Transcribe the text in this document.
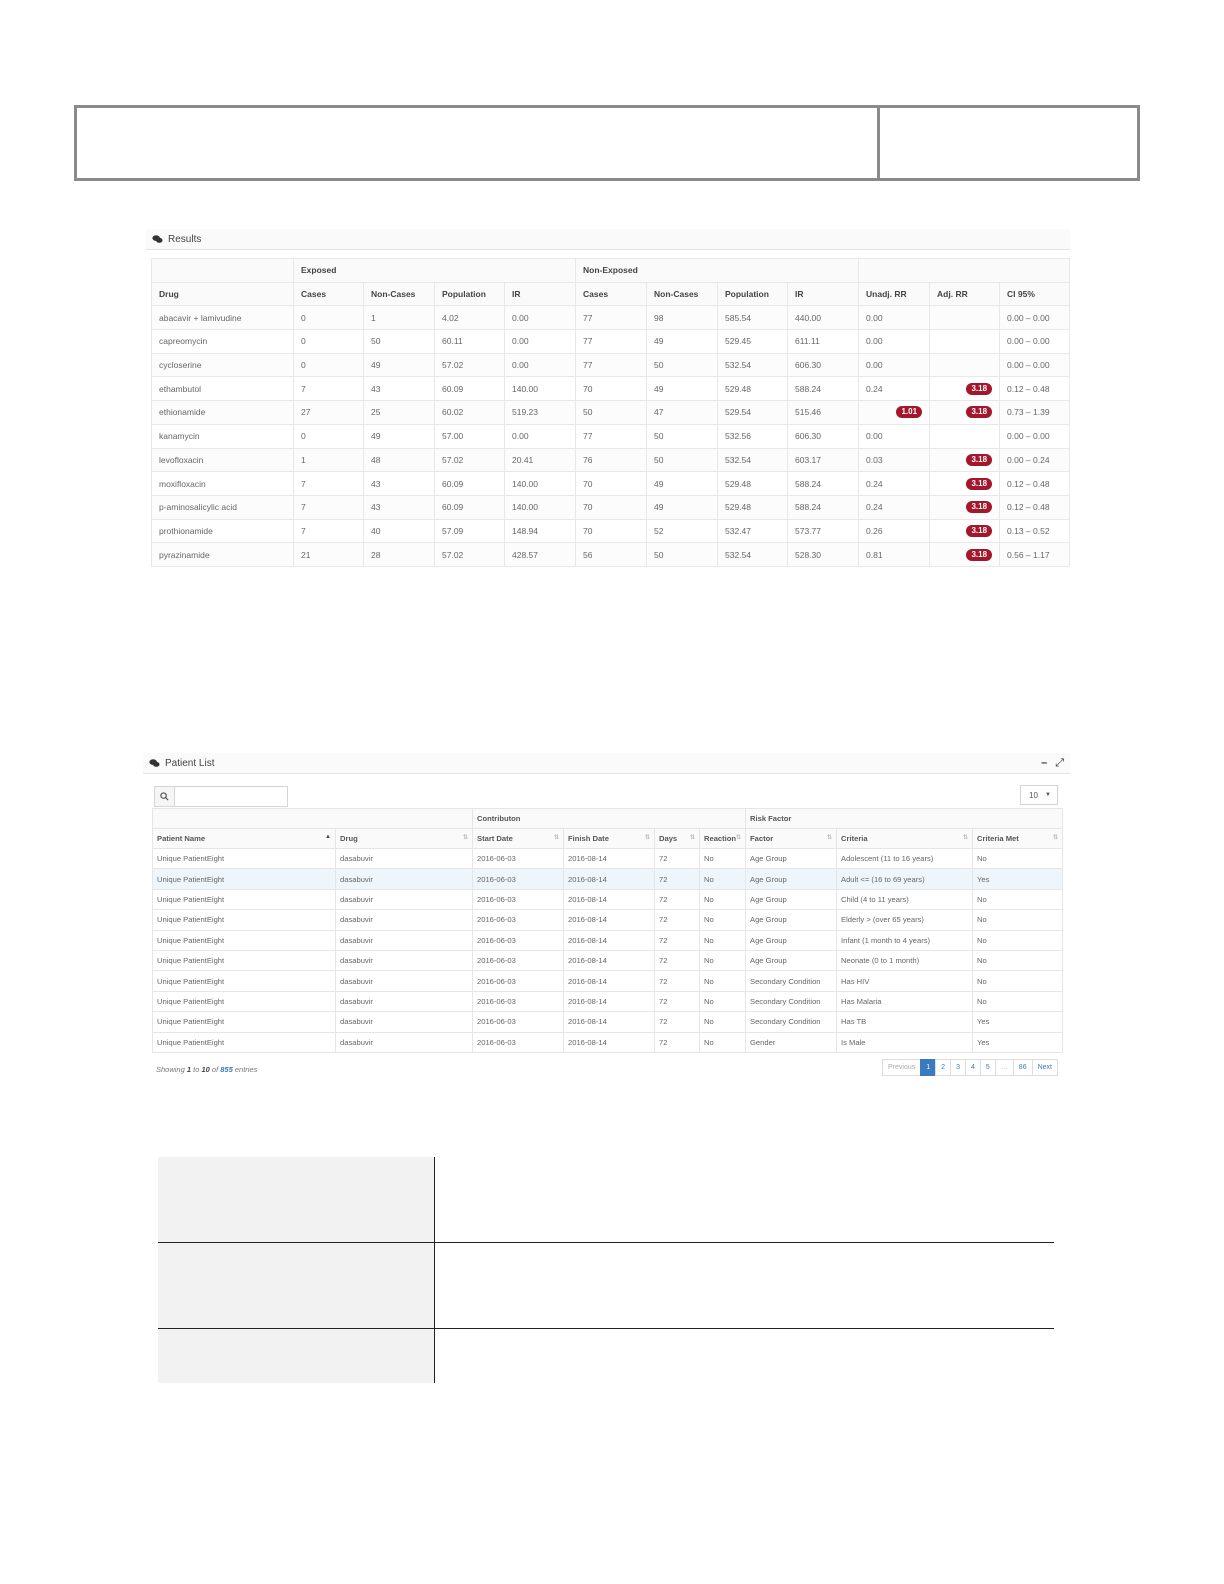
Results
	Exposed				Non-Exposed						
Drug	Cases	Non-Cases	Population	IR	Cases	Non-Cases	Population	IR	Unadj. RR	Adj. RR	CI 95%
abacavir + lamivudine	0	1	4.02	0.00	77	98	585.54	440.00	0.00		0.00 – 0.00
capreomycin	0	50	60.11	0.00	77	49	529.45	611.11	0.00		0.00 – 0.00
cycloserine	0	49	57.02	0.00	77	50	532.54	606.30	0.00		0.00 – 0.00
ethambutol	7	43	60.09	140.00	70	49	529.48	588.24	0.24	3.18	0.12 – 0.48
ethionamide	27	25	60.02	519.23	50	47	529.54	515.46	1.01	3.18	0.73 – 1.39
kanamycin	0	49	57.00	0.00	77	50	532.56	606.30	0.00		0.00 – 0.00
levofloxacin	1	48	57.02	20.41	76	50	532.54	603.17	0.03	3.18	0.00 – 0.24
moxifloxacin	7	43	60.09	140.00	70	49	529.48	588.24	0.24	3.18	0.12 – 0.48
p-aminosalicylic acid	7	43	60.09	140.00	70	49	529.48	588.24	0.24	3.18	0.12 – 0.48
prothionamide	7	40	57.09	148.94	70	52	532.47	573.77	0.26	3.18	0.13 – 0.52
pyrazinamide	21	28	57.02	428.57	56	50	532.54	528.30	0.81	3.18	0.56 – 1.17
Patient List	– ⤢
10 ▼
		Contributon				Risk Factor		
Patient Name ▲	Drug ⇅	Start Date ⇅	Finish Date ⇅	Days ⇅	Reaction ⇅	Factor ⇅	Criteria ⇅	Criteria Met ⇅

Unique PatientEight	dasabuvir	2016-06-03	2016-08-14	72	No	Age Group	Adolescent (11 to 16 years)	No
Unique PatientEight	dasabuvir	2016-06-03	2016-08-14	72	No	Age Group	Adult <= (16 to 69 years)	Yes
Unique PatientEight	dasabuvir	2016-06-03	2016-08-14	72	No	Age Group	Child (4 to 11 years)	No
Unique PatientEight	dasabuvir	2016-06-03	2016-08-14	72	No	Age Group	Elderly > (over 65 years)	No
Unique PatientEight	dasabuvir	2016-06-03	2016-08-14	72	No	Age Group	Infant (1 month to 4 years)	No
Unique PatientEight	dasabuvir	2016-06-03	2016-08-14	72	No	Age Group	Neonate (0 to 1 month)	No
Unique PatientEight	dasabuvir	2016-06-03	2016-08-14	72	No	Secondary Condition	Has HIV	No
Unique PatientEight	dasabuvir	2016-06-03	2016-08-14	72	No	Secondary Condition	Has Malaria	No
Unique PatientEight	dasabuvir	2016-06-03	2016-08-14	72	No	Secondary Condition	Has TB	Yes
Unique PatientEight	dasabuvir	2016-06-03	2016-08-14	72	No	Gender	Is Male	Yes
Showing 1 to 10 of 855 entries	Previous	1	2	3	4	5	…	86	Next
